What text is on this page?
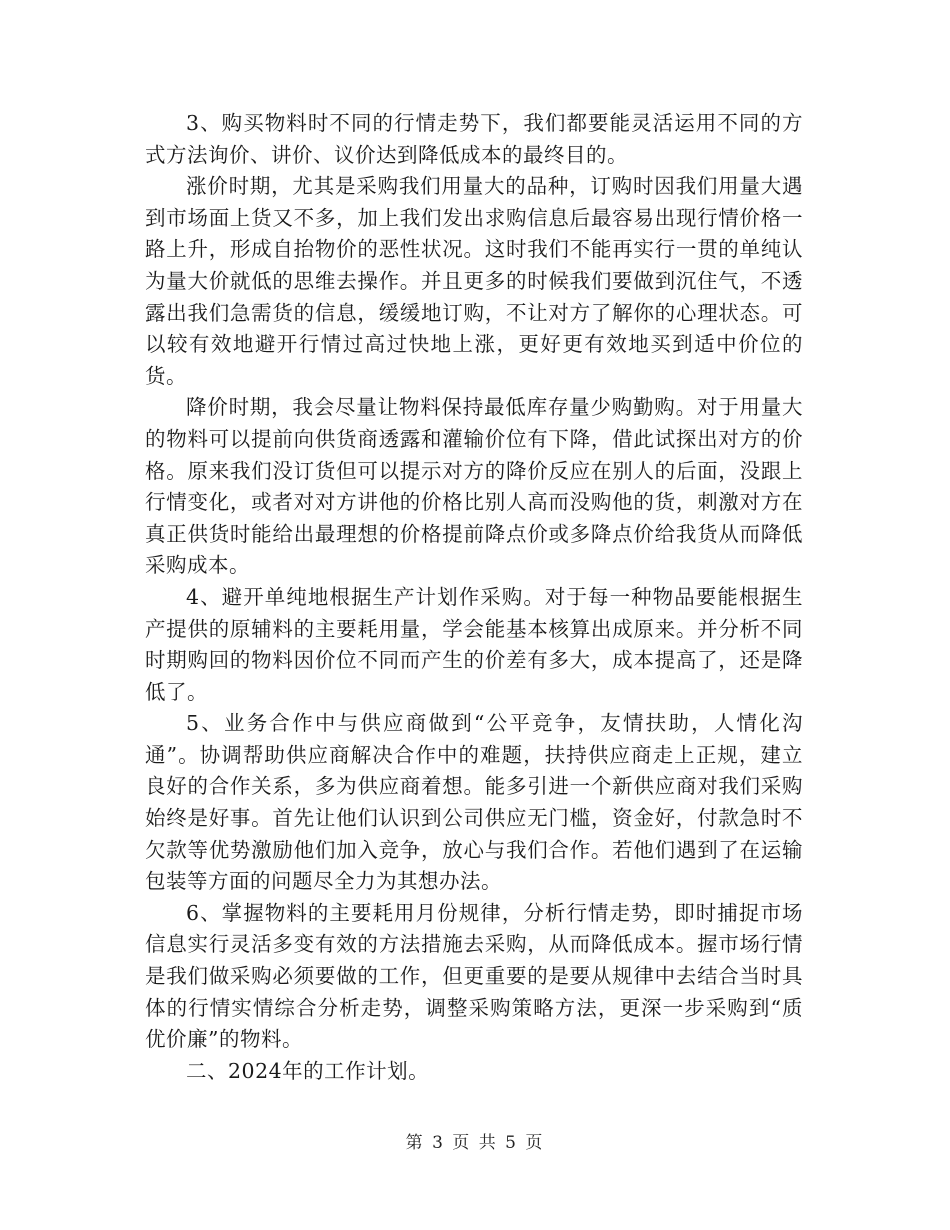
3、购买物料时不同的行情走势下，我们都要能灵活运用不同的方式方法询价、讲价、议价达到降低成本的最终目的。

涨价时期，尤其是采购我们用量大的品种，订购时因我们用量大遇到市场面上货又不多，加上我们发出求购信息后最容易出现行情价格一路上升，形成自抬物价的恶性状况。这时我们不能再实行一贯的单纯认为量大价就低的思维去操作。并且更多的时候我们要做到沉住气，不透露出我们急需货的信息，缓缓地订购，不让对方了解你的心理状态。可以较有效地避开行情过高过快地上涨，更好更有效地买到适中价位的货。

降价时期，我会尽量让物料保持最低库存量少购勤购。对于用量大的物料可以提前向供货商透露和灌输价位有下降，借此试探出对方的价格。原来我们没订货但可以提示对方的降价反应在别人的后面，没跟上行情变化，或者对对方讲他的价格比别人高而没购他的货，刺激对方在真正供货时能给出最理想的价格提前降点价或多降点价给我货从而降低采购成本。

4、避开单纯地根据生产计划作采购。对于每一种物品要能根据生产提供的原辅料的主要耗用量，学会能基本核算出成原来。并分析不同时期购回的物料因价位不同而产生的价差有多大，成本提高了，还是降低了。

5、业务合作中与供应商做到“公平竞争，友情扶助，人情化沟通”。协调帮助供应商解决合作中的难题，扶持供应商走上正规，建立良好的合作关系，多为供应商着想。能多引进一个新供应商对我们采购始终是好事。首先让他们认识到公司供应无门槛，资金好，付款急时不欠款等优势激励他们加入竞争，放心与我们合作。若他们遇到了在运输包装等方面的问题尽全力为其想办法。

6、掌握物料的主要耗用月份规律，分析行情走势，即时捕捉市场信息实行灵活多变有效的方法措施去采购，从而降低成本。握市场行情是我们做采购必须要做的工作，但更重要的是要从规律中去结合当时具体的行情实情综合分析走势，调整采购策略方法，更深一步采购到“质优价廉”的物料。

二、2024年的工作计划。

第 3 页 共 5 页
